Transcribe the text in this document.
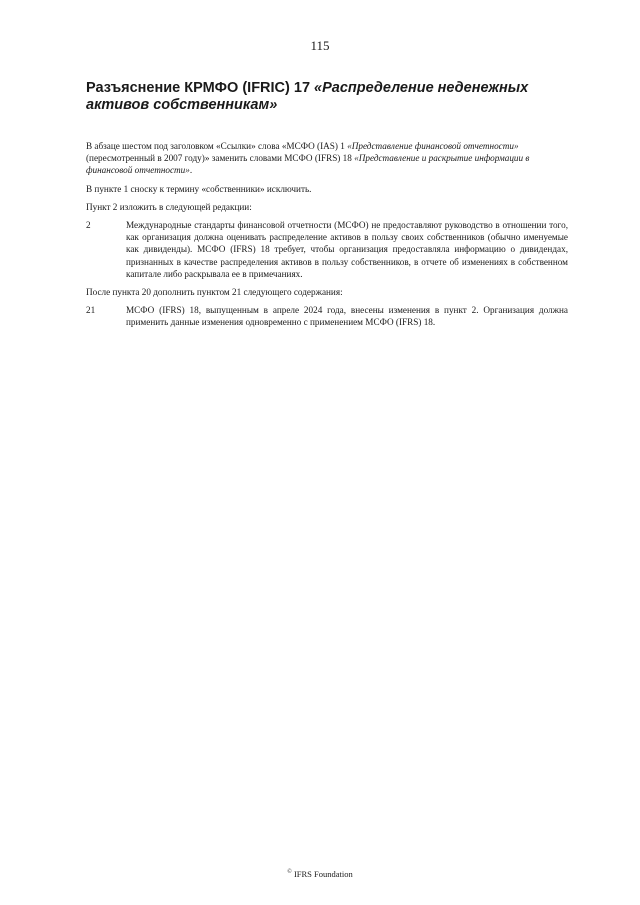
115
Разъяснение КРМФО (IFRIC) 17 «Распределение неденежных активов собственникам»

В абзаце шестом под заголовком «Ссылки» слова «МСФО (IAS) 1 «Представление финансовой отчетности» (пересмотренный в 2007 году)» заменить словами МСФО (IFRS) 18 «Представление и раскрытие информации в финансовой отчетности».

В пункте 1 сноску к термину «собственники» исключить.

Пункт 2 изложить в следующей редакции:

2	Международные стандарты финансовой отчетности (МСФО) не предоставляют руководство в отношении того, как организация должна оценивать распределение активов в пользу своих собственников (обычно именуемые как дивиденды). МСФО (IFRS) 18 требует, чтобы организация предоставляла информацию о дивидендах, признанных в качестве распределения активов в пользу собственников, в отчете об изменениях в собственном капитале либо раскрывала ее в примечаниях.

После пункта 20 дополнить пунктом 21 следующего содержания:

21	МСФО (IFRS) 18, выпущенным в апреле 2024 года, внесены изменения в пункт 2. Организация должна применить данные изменения одновременно с применением МСФО (IFRS) 18.
© IFRS Foundation
